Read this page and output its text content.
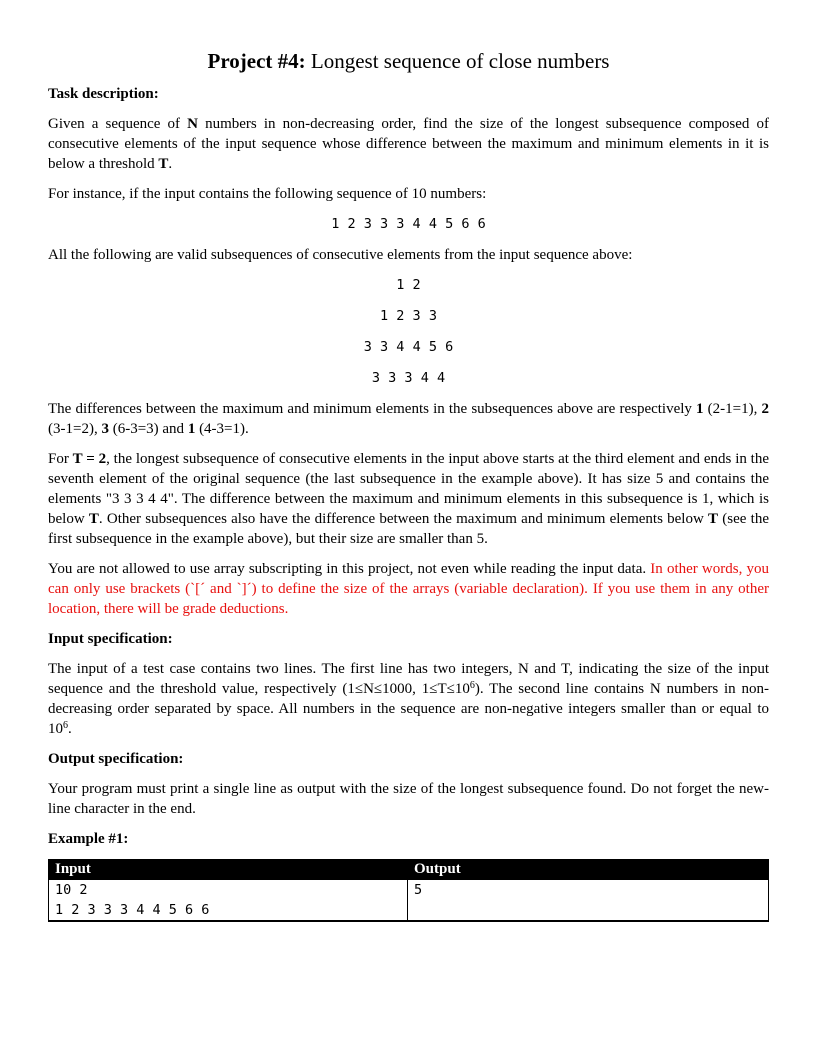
Project #4: Longest sequence of close numbers
Task description:

Given a sequence of N numbers in non-decreasing order, find the size of the longest subsequence composed of consecutive elements of the input sequence whose difference between the maximum and minimum elements in it is below a threshold T.

For instance, if the input contains the following sequence of 10 numbers:

1 2 3 3 3 4 4 5 6 6

All the following are valid subsequences of consecutive elements from the input sequence above:

1 2
1 2 3 3
3 3 4 4 5 6
3 3 3 4 4

The differences between the maximum and minimum elements in the subsequences above are respectively 1 (2-1=1), 2 (3-1=2), 3 (6-3=3) and 1 (4-3=1).

For T = 2, the longest subsequence of consecutive elements in the input above starts at the third element and ends in the seventh element of the original sequence (the last subsequence in the example above). It has size 5 and contains the elements "3 3 3 4 4". The difference between the maximum and minimum elements in this subsequence is 1, which is below T. Other subsequences also have the difference between the maximum and minimum elements below T (see the first subsequence in the example above), but their size are smaller than 5.

You are not allowed to use array subscripting in this project, not even while reading the input data. In other words, you can only use brackets (`[´ and `]´) to define the size of the arrays (variable declaration). If you use them in any other location, there will be grade deductions.

Input specification:

The input of a test case contains two lines. The first line has two integers, N and T, indicating the size of the input sequence and the threshold value, respectively (1≤N≤1000, $1\le T\le 10^6$). The second line contains N numbers in non-decreasing order separated by space. All numbers in the sequence are non-negative integers smaller than or equal to $10^6$.

Output specification:

Your program must print a single line as output with the size of the longest subsequence found. Do not forget the new-line character in the end.

Example #1:
Input	Output

10 2
1 2 3 3 3 4 4 5 6 6	5
